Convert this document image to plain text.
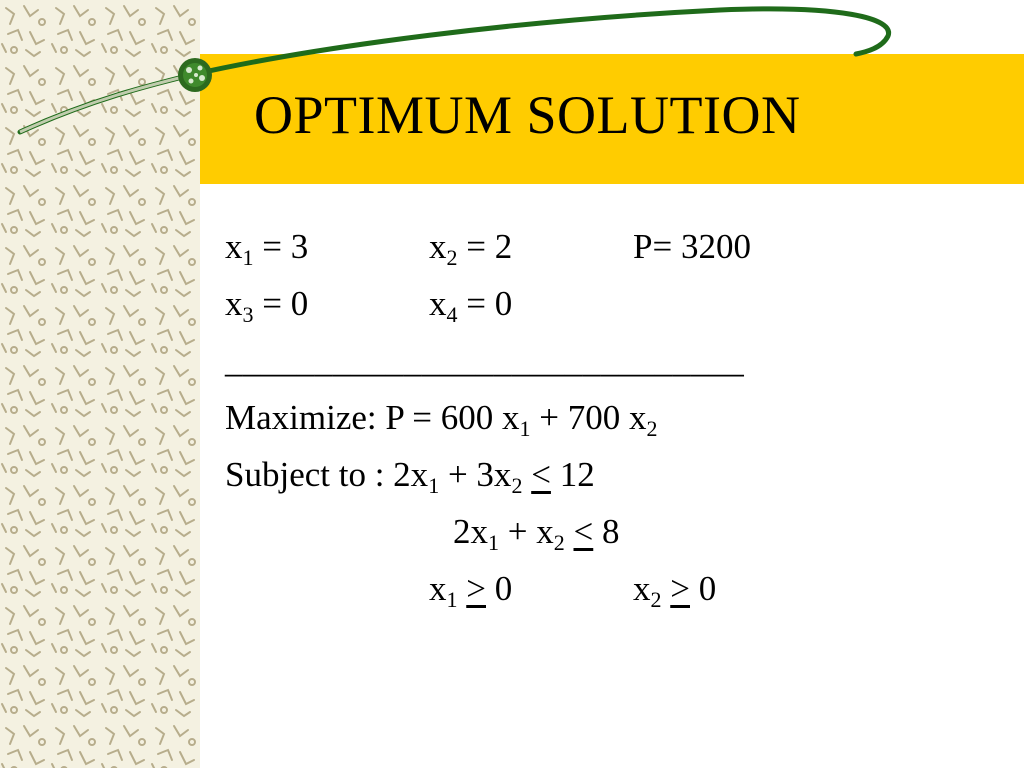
OPTIMUM SOLUTION
$x_1 = 3$	$x_2 = 2$	P= 3200
$x_3 = 0$	$x_4 = 0$
_____________________________
Maximize: P = 600 $x_1 + 700$ $x_2$
Subject to : $2x_1 + 3x_2 < 12$
$2x_1 + x_2 < 8$
$x_1 > 0$	$x_2 > 0$
